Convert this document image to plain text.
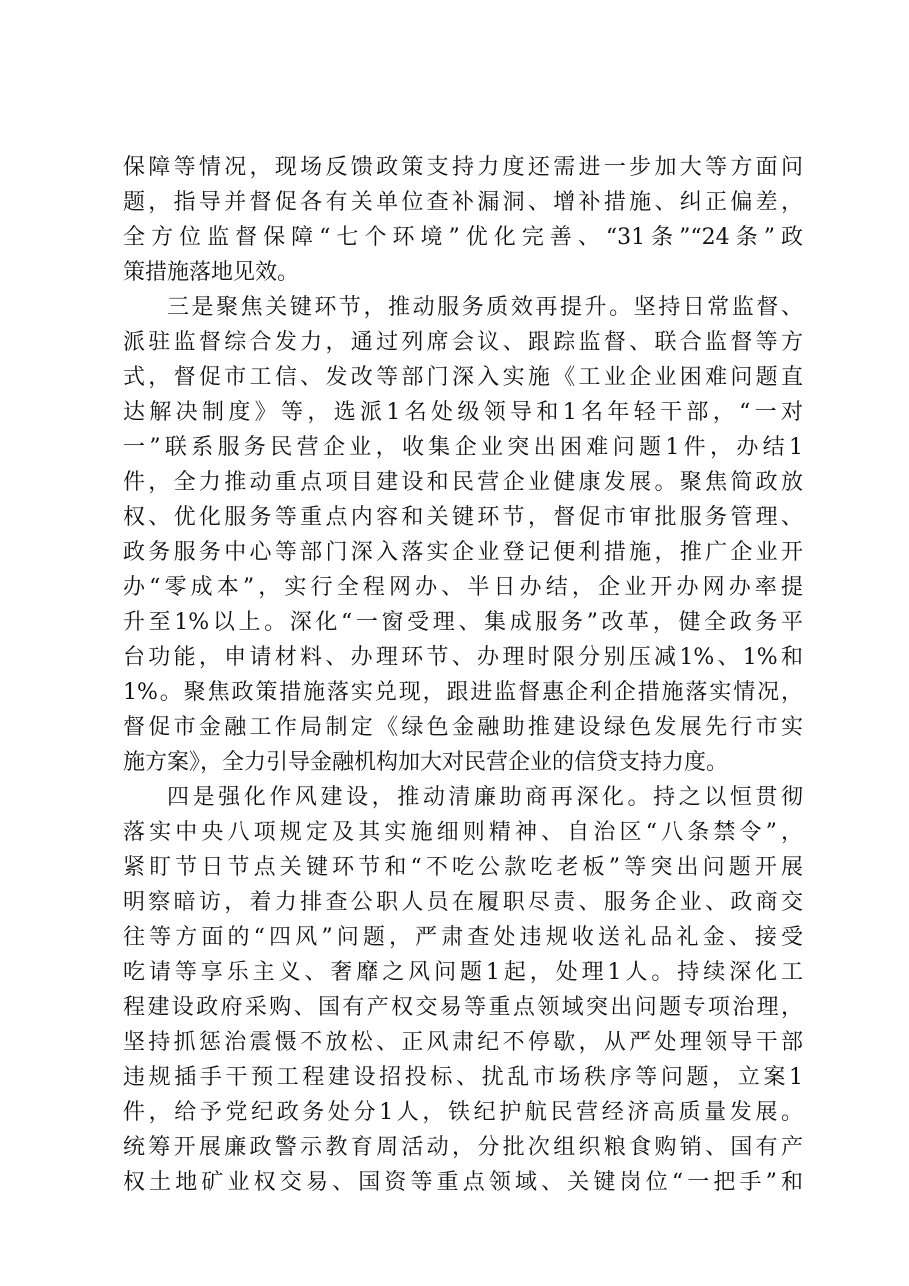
保障等情况，现场反馈政策支持力度还需进一步加大等方面问
题，指导并督促各有关单位查补漏洞、增补措施、纠正偏差，
全方位监督保障“七个环境”优化完善、“31条”“24条”政
策措施落地见效。
三是聚焦关键环节，推动服务质效再提升。坚持日常监督、
派驻监督综合发力，通过列席会议、跟踪监督、联合监督等方
式，督促市工信、发改等部门深入实施《工业企业困难问题直
达解决制度》等，选派1名处级领导和1名年轻干部，“一对
一”联系服务民营企业，收集企业突出困难问题1件，办结1
件，全力推动重点项目建设和民营企业健康发展。聚焦简政放
权、优化服务等重点内容和关键环节，督促市审批服务管理、
政务服务中心等部门深入落实企业登记便利措施，推广企业开
办“零成本”，实行全程网办、半日办结，企业开办网办率提
升至1%以上。深化“一窗受理、集成服务”改革，健全政务平
台功能，申请材料、办理环节、办理时限分别压减1%、1%和
1%。聚焦政策措施落实兑现，跟进监督惠企利企措施落实情况，
督促市金融工作局制定《绿色金融助推建设绿色发展先行市实
施方案》，全力引导金融机构加大对民营企业的信贷支持力度。
四是强化作风建设，推动清廉助商再深化。持之以恒贯彻
落实中央八项规定及其实施细则精神、自治区“八条禁令”，
紧盯节日节点关键环节和“不吃公款吃老板”等突出问题开展
明察暗访，着力排查公职人员在履职尽责、服务企业、政商交
往等方面的“四风”问题，严肃查处违规收送礼品礼金、接受
吃请等享乐主义、奢靡之风问题1起，处理1人。持续深化工
程建设政府采购、国有产权交易等重点领域突出问题专项治理，
坚持抓惩治震慑不放松、正风肃纪不停歇，从严处理领导干部
违规插手干预工程建设招投标、扰乱市场秩序等问题，立案1
件，给予党纪政务处分1人，铁纪护航民营经济高质量发展。
统筹开展廉政警示教育周活动，分批次组织粮食购销、国有产
权土地矿业权交易、国资等重点领域、关键岗位“一把手”和
